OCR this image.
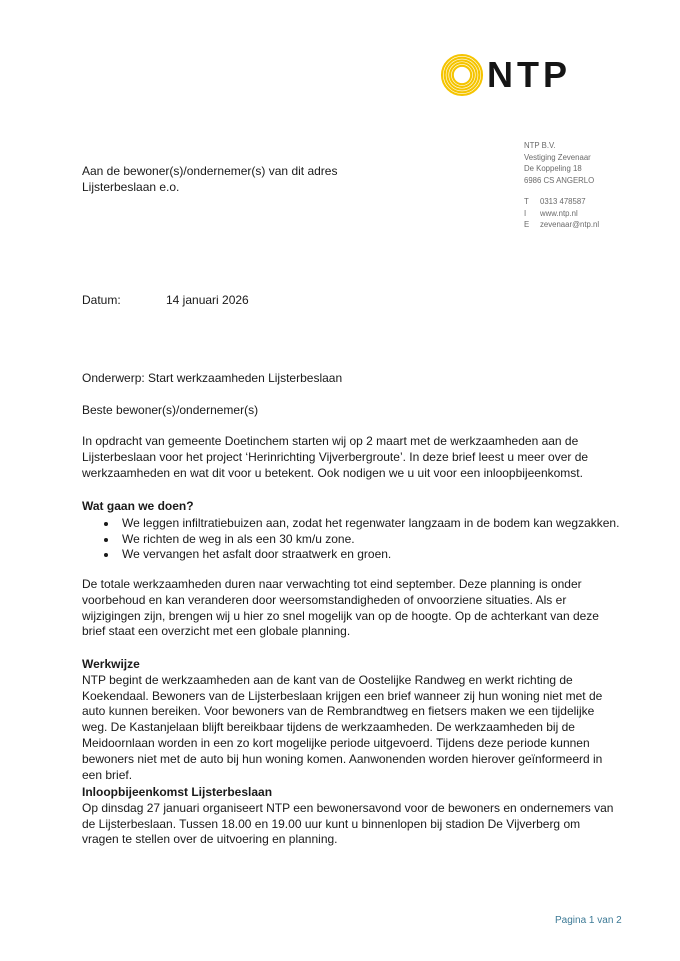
NTP
NTP B.V.
Vestiging Zevenaar
De Koppeling 18
6986 CS ANGERLO
T 0313 478587
I www.ntp.nl
E zevenaar@ntp.nl
Aan de bewoner(s)/ondernemer(s) van dit adres
Lijsterbeslaan e.o.
Datum:	14 januari 2026
Onderwerp: Start werkzaamheden Lijsterbeslaan
Beste bewoner(s)/ondernemer(s)
In opdracht van gemeente Doetinchem starten wij op 2 maart met de werkzaamheden aan de Lijsterbeslaan voor het project ‘Herinrichting Vijverbergroute’. In deze brief leest u meer over de werkzaamheden en wat dit voor u betekent. Ook nodigen we u uit voor een inloopbijeenkomst.
Wat gaan we doen?
We leggen infiltratiebuizen aan, zodat het regenwater langzaam in de bodem kan wegzakken.
We richten de weg in als een 30 km/u zone.
We vervangen het asfalt door straatwerk en groen.
De totale werkzaamheden duren naar verwachting tot eind september. Deze planning is onder voorbehoud en kan veranderen door weersomstandigheden of onvoorziene situaties. Als er wijzigingen zijn, brengen wij u hier zo snel mogelijk van op de hoogte. Op de achterkant van deze brief staat een overzicht met een globale planning.
Werkwijze
NTP begint de werkzaamheden aan de kant van de Oostelijke Randweg en werkt richting de Koekendaal. Bewoners van de Lijsterbeslaan krijgen een brief wanneer zij hun woning niet met de auto kunnen bereiken. Voor bewoners van de Rembrandtweg en fietsers maken we een tijdelijke weg. De Kastanjelaan blijft bereikbaar tijdens de werkzaamheden. De werkzaamheden bij de Meidoornlaan worden in een zo kort mogelijke periode uitgevoerd. Tijdens deze periode kunnen bewoners niet met de auto bij hun woning komen. Aanwonenden worden hierover geïnformeerd in een brief.
Inloopbijeenkomst Lijsterbeslaan
Op dinsdag 27 januari organiseert NTP een bewonersavond voor de bewoners en ondernemers van de Lijsterbeslaan. Tussen 18.00 en 19.00 uur kunt u binnenlopen bij stadion De Vijverberg om vragen te stellen over de uitvoering en planning.
Pagina 1 van 2
